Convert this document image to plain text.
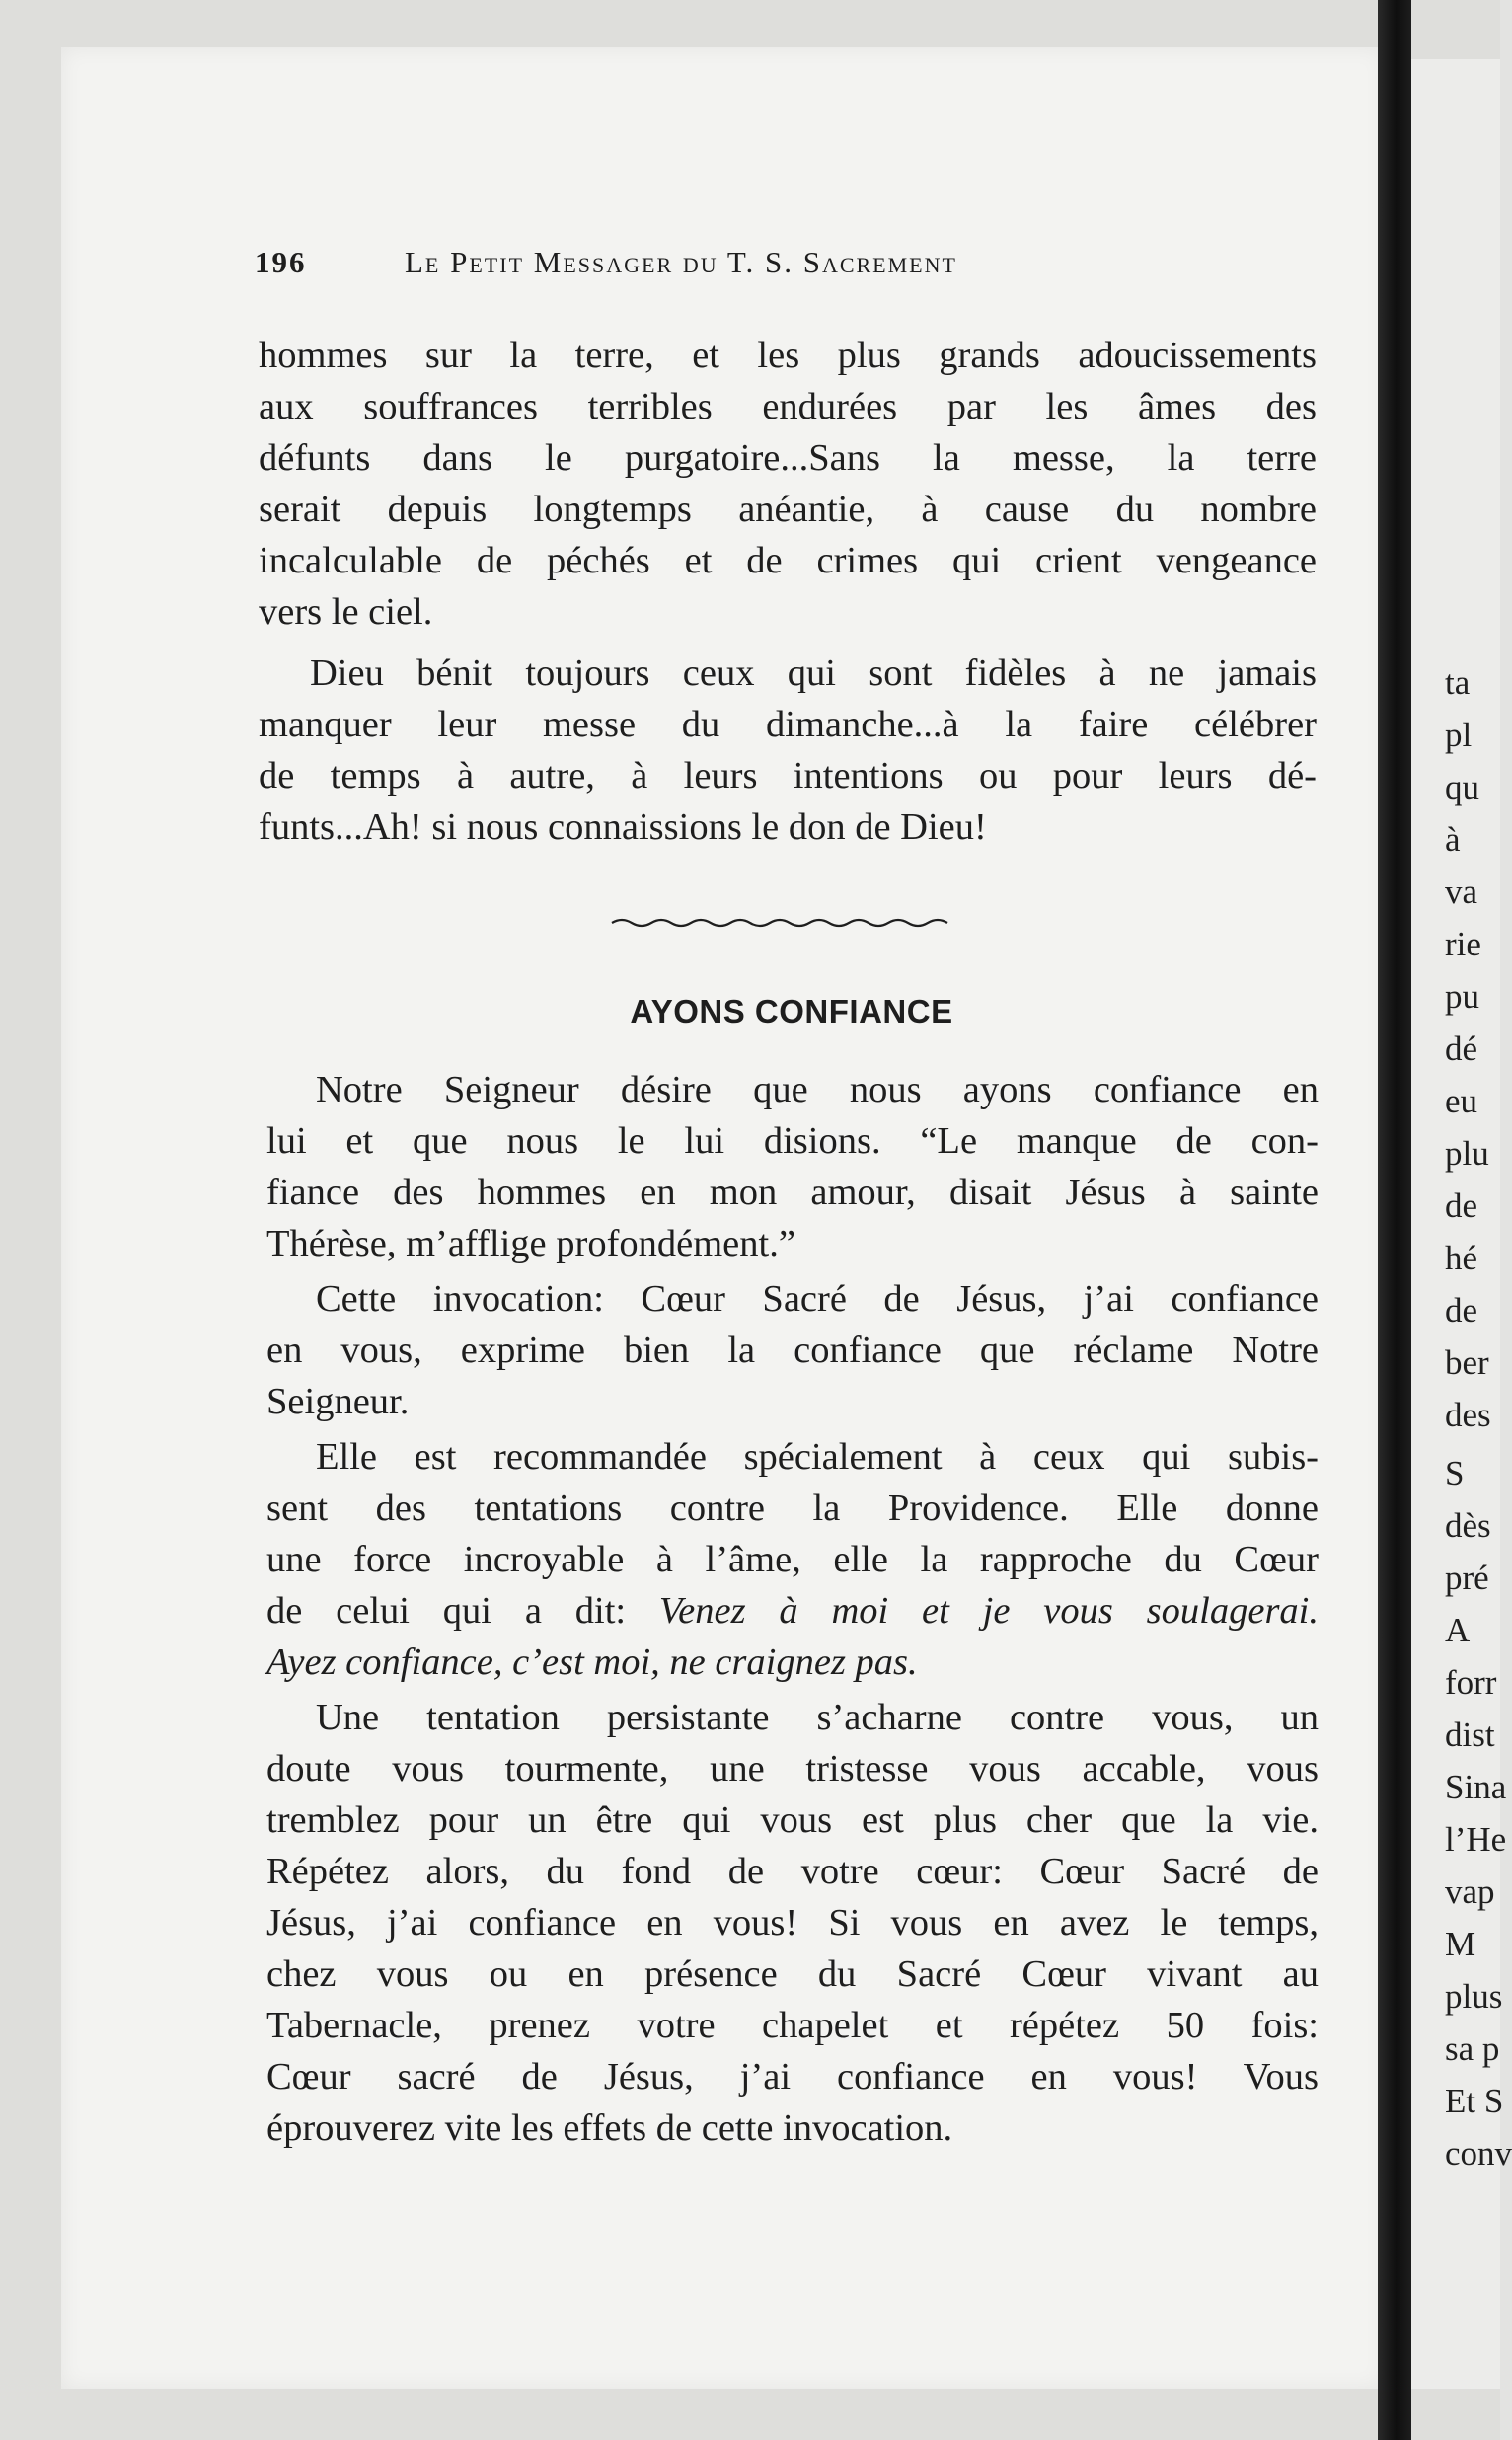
ta
pl
qu
à
va
rie
pu
dé
eu
plu
de
hé
de
ber
des
S
dès
pré
A
forr
dist
Sina
l’He
vap
M
plus
sa p
Et S
conv
196	Le Petit Messager du T. S. Sacrement
hommes sur la terre, et les plus grands adoucissements
aux souffrances terribles endurées par les âmes des
défunts dans le purgatoire...Sans la messe, la terre
serait depuis longtemps anéantie, à cause du nombre
incalculable de péchés et de crimes qui crient vengeance
vers le ciel.
Dieu bénit toujours ceux qui sont fidèles à ne jamais
manquer leur messe du dimanche...à la faire célébrer
de temps à autre, à leurs intentions ou pour leurs dé-
funts...Ah! si nous connaissions le don de Dieu!
AYONS CONFIANCE
Notre Seigneur désire que nous ayons confiance en
lui et que nous le lui disions. “Le manque de con-
fiance des hommes en mon amour, disait Jésus à sainte
Thérèse, m’afflige profondément.”
Cette invocation: Cœur Sacré de Jésus, j’ai confiance
en vous, exprime bien la confiance que réclame Notre
Seigneur.
Elle est recommandée spécialement à ceux qui subis-
sent des tentations contre la Providence. Elle donne
une force incroyable à l’âme, elle la rapproche du Cœur
de celui qui a dit: Venez à moi et je vous soulagerai.
Ayez confiance, c’est moi, ne craignez pas.
Une tentation persistante s’acharne contre vous, un
doute vous tourmente, une tristesse vous accable, vous
tremblez pour un être qui vous est plus cher que la vie.
Répétez alors, du fond de votre cœur: Cœur Sacré de
Jésus, j’ai confiance en vous! Si vous en avez le temps,
chez vous ou en présence du Sacré Cœur vivant au
Tabernacle, prenez votre chapelet et répétez 50 fois:
Cœur sacré de Jésus, j’ai confiance en vous! Vous
éprouverez vite les effets de cette invocation.
